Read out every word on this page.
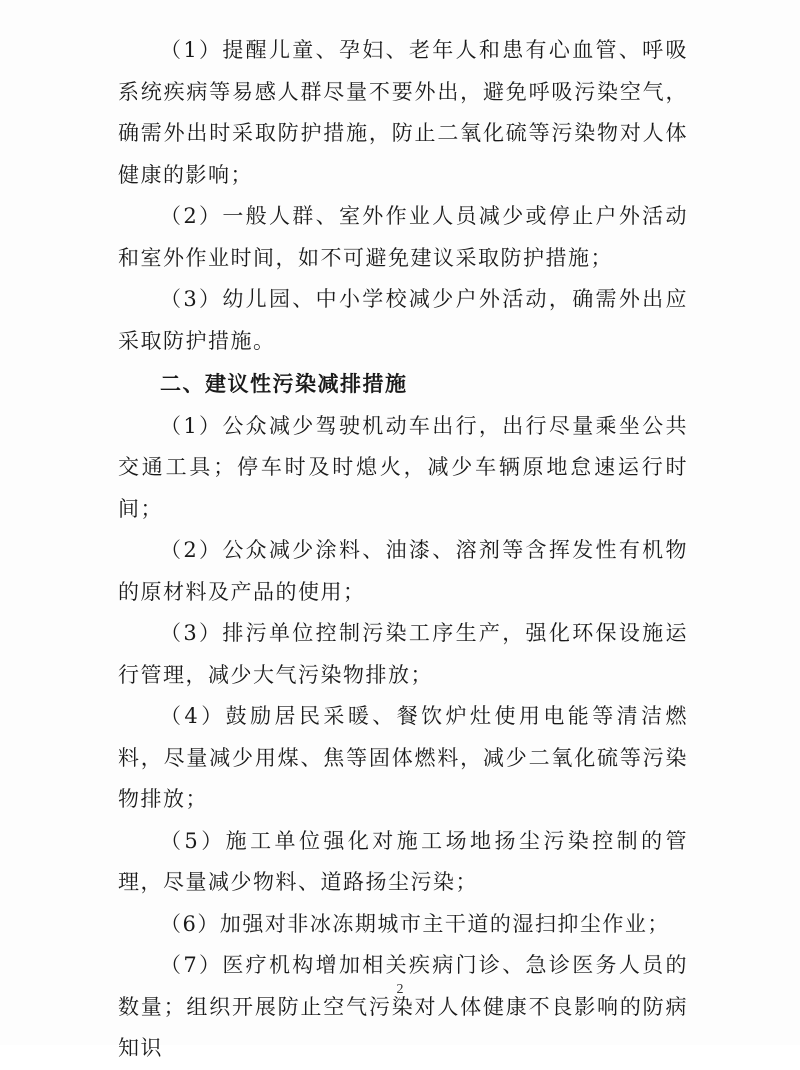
（1）提醒儿童、孕妇、老年人和患有心血管、呼吸系统疾病等易感人群尽量不要外出，避免呼吸污染空气，确需外出时采取防护措施，防止二氧化硫等污染物对人体健康的影响；

（2）一般人群、室外作业人员减少或停止户外活动和室外作业时间，如不可避免建议采取防护措施；

（3）幼儿园、中小学校减少户外活动，确需外出应采取防护措施。

二、建议性污染减排措施

（1）公众减少驾驶机动车出行，出行尽量乘坐公共交通工具；停车时及时熄火，减少车辆原地怠速运行时间；

（2）公众减少涂料、油漆、溶剂等含挥发性有机物的原材料及产品的使用；

（3）排污单位控制污染工序生产，强化环保设施运行管理，减少大气污染物排放；

（4）鼓励居民采暖、餐饮炉灶使用电能等清洁燃料，尽量减少用煤、焦等固体燃料，减少二氧化硫等污染物排放；

（5）施工单位强化对施工场地扬尘污染控制的管理，尽量减少物料、道路扬尘污染；

（6）加强对非冰冻期城市主干道的湿扫抑尘作业；

（7）医疗机构增加相关疾病门诊、急诊医务人员的数量；组织开展防止空气污染对人体健康不良影响的防病知识

2
